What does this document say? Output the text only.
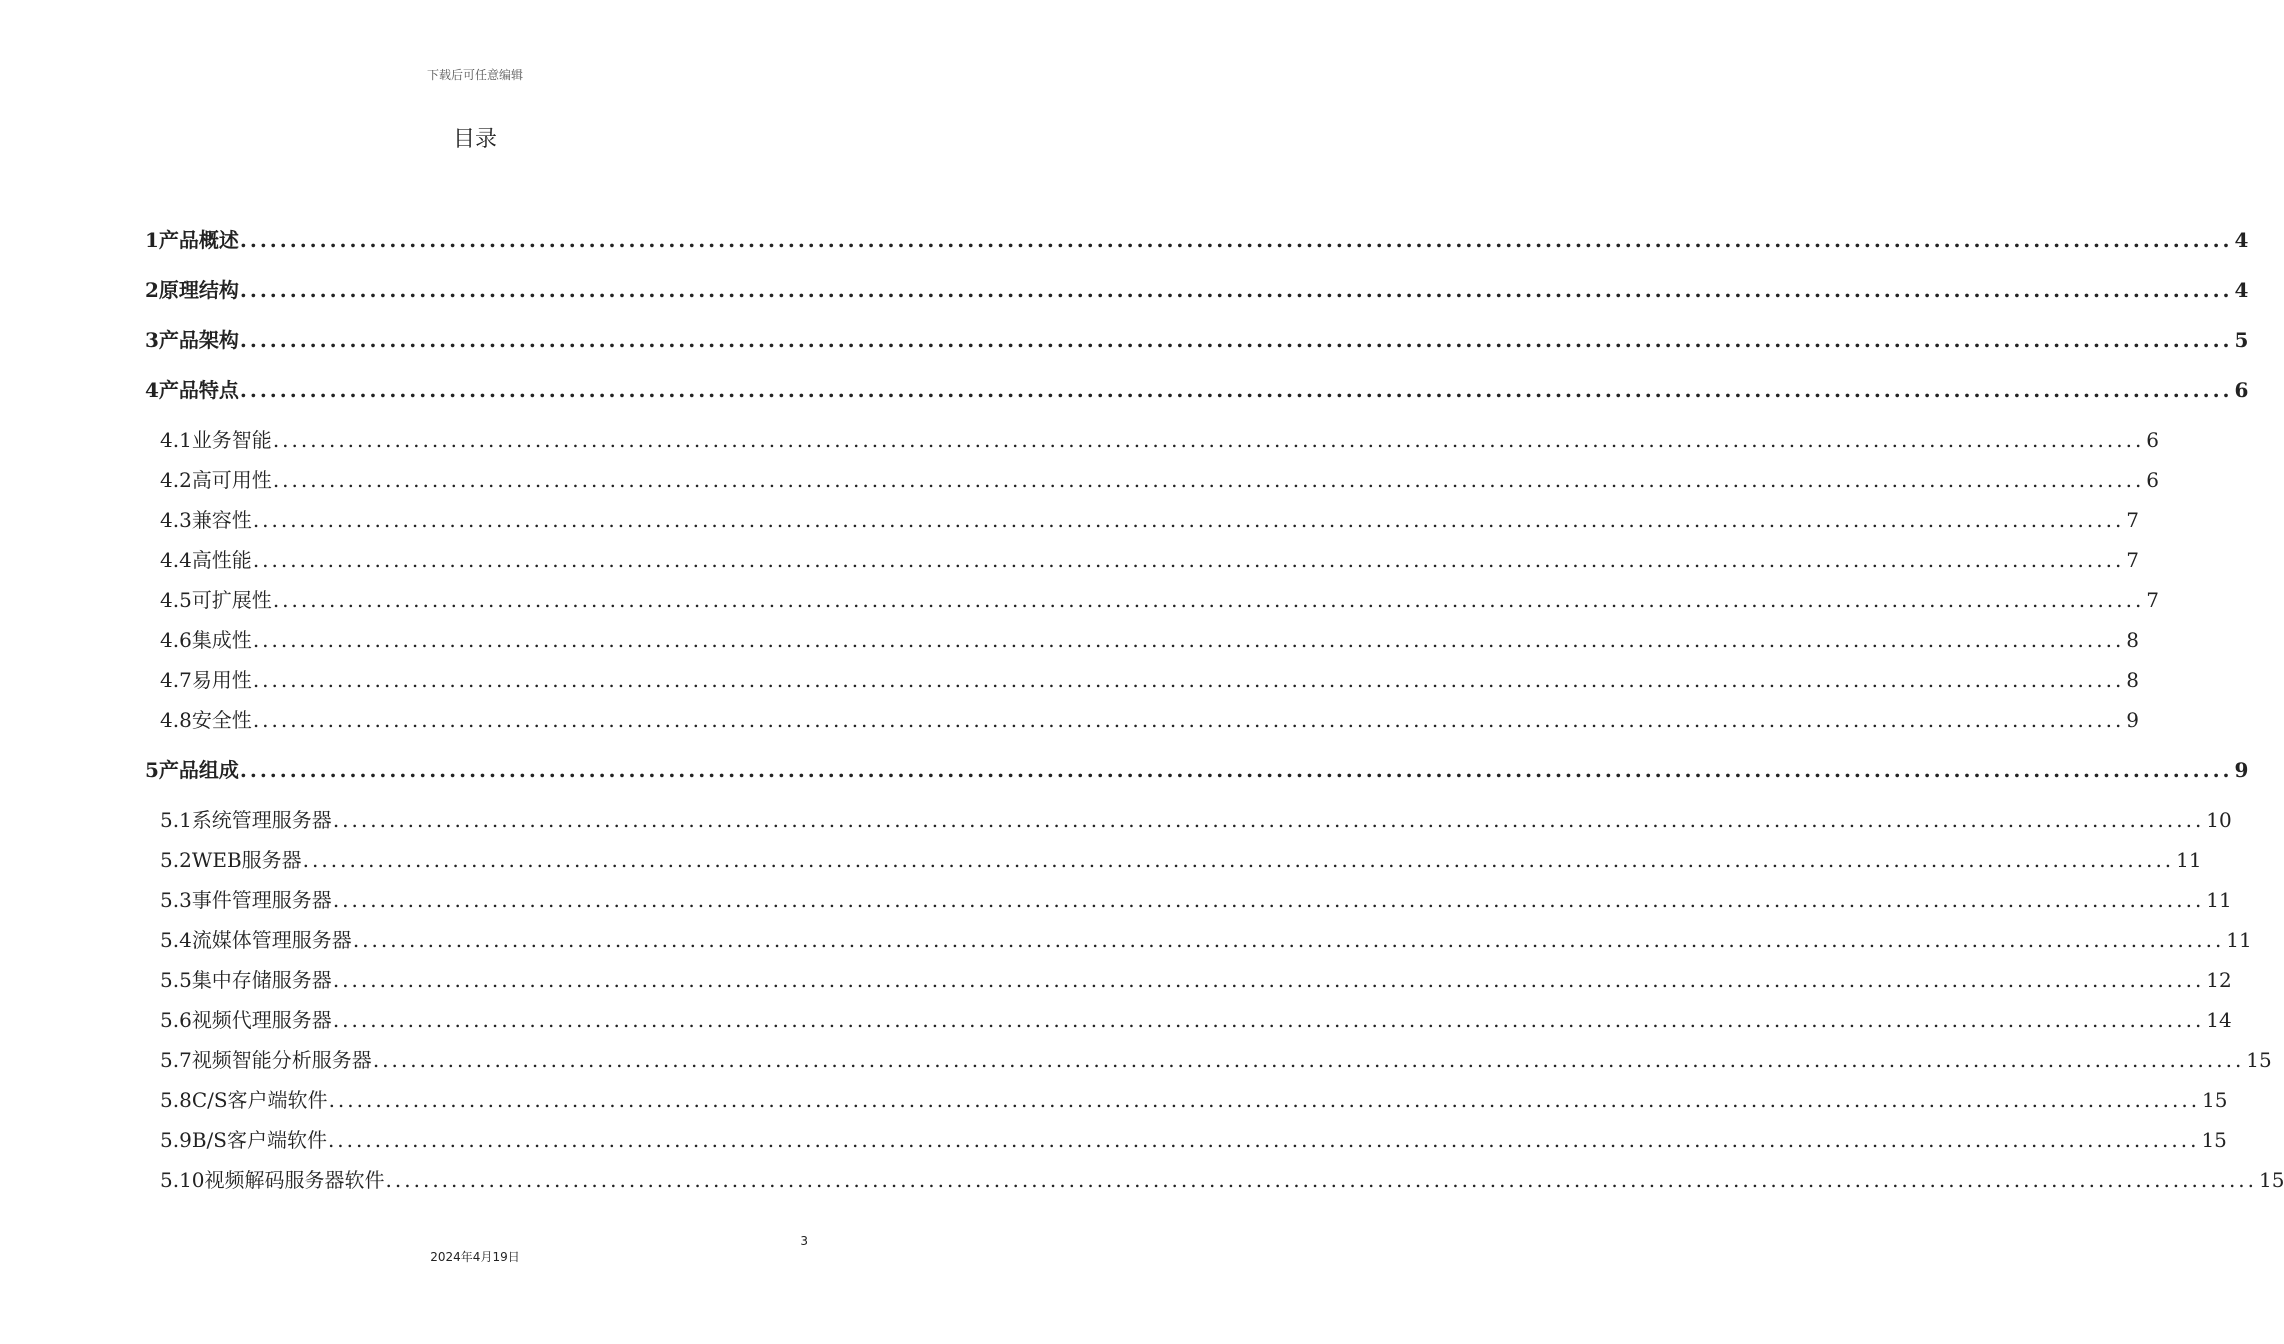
下载后可任意编辑
目录
1 产品概述 ........................................................................................................................................................................................................ 4
2 原理结构 ........................................................................................................................................................................................................ 4
3 产品架构 ........................................................................................................................................................................................................ 5
4 产品特点 ........................................................................................................................................................................................................ 6
4.1 业务智能 ........................................................................................................................................................................................................ 6
4.2 高可用性 ........................................................................................................................................................................................................ 6
4.3 兼容性 ........................................................................................................................................................................................................ 7
4.4 高性能 ........................................................................................................................................................................................................ 7
4.5 可扩展性 ........................................................................................................................................................................................................ 7
4.6 集成性 ........................................................................................................................................................................................................ 8
4.7 易用性 ........................................................................................................................................................................................................ 8
4.8 安全性 ........................................................................................................................................................................................................ 9
5 产品组成 ........................................................................................................................................................................................................ 9
5.1 系统管理服务器 ........................................................................................................................................................................................................ 10
5.2 WEB服务器 ........................................................................................................................................................................................................ 11
5.3 事件管理服务器 ........................................................................................................................................................................................................ 11
5.4 流媒体管理服务器 ........................................................................................................................................................................................................ 11
5.5 集中存储服务器 ........................................................................................................................................................................................................ 12
5.6 视频代理服务器 ........................................................................................................................................................................................................ 14
5.7 视频智能分析服务器 ........................................................................................................................................................................................................ 15
5.8 C/S客户端软件 ........................................................................................................................................................................................................ 15
5.9 B/S客户端软件 ........................................................................................................................................................................................................ 15
5.10 视频解码服务器软件 ........................................................................................................................................................................................................ 15
3
2024年4月19日
